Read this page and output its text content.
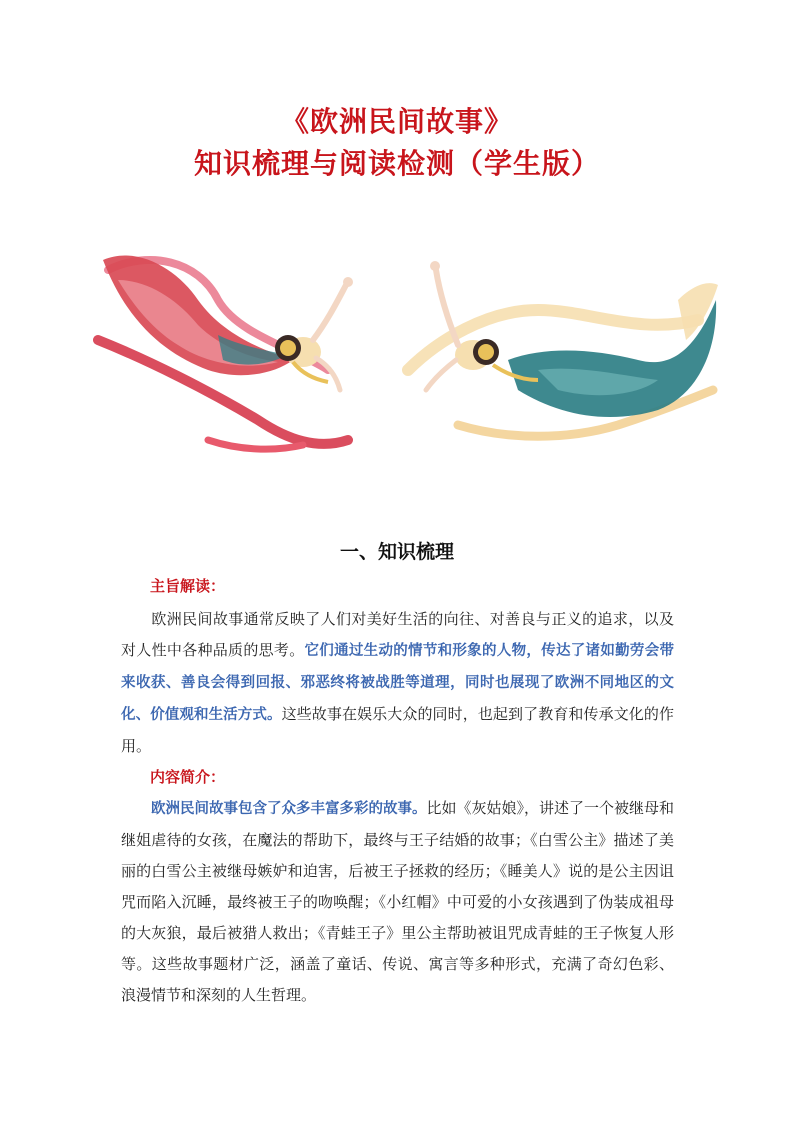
《欧洲民间故事》
知识梳理与阅读检测（学生版）
一、知识梳理
主旨解读：
欧洲民间故事通常反映了人们对美好生活的向往、对善良与正义的追求，以及对人性中各种品质的思考。它们通过生动的情节和形象的人物，传达了诸如勤劳会带来收获、善良会得到回报、邪恶终将被战胜等道理，同时也展现了欧洲不同地区的文化、价值观和生活方式。这些故事在娱乐大众的同时，也起到了教育和传承文化的作用。
内容简介：
欧洲民间故事包含了众多丰富多彩的故事。比如《灰姑娘》，讲述了一个被继母和继姐虐待的女孩，在魔法的帮助下，最终与王子结婚的故事；《白雪公主》描述了美丽的白雪公主被继母嫉妒和迫害，后被王子拯救的经历；《睡美人》说的是公主因诅咒而陷入沉睡，最终被王子的吻唤醒；《小红帽》中可爱的小女孩遇到了伪装成祖母的大灰狼，最后被猎人救出；《青蛙王子》里公主帮助被诅咒成青蛙的王子恢复人形等。这些故事题材广泛，涵盖了童话、传说、寓言等多种形式，充满了奇幻色彩、浪漫情节和深刻的人生哲理。
